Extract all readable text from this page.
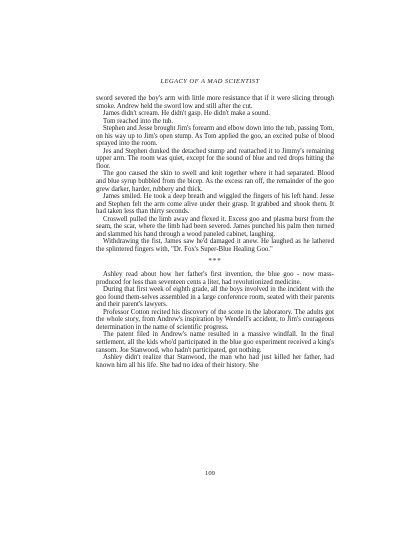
LEGACY OF A MAD SCIENTIST

sword severed the boy's arm with little more resistance that if it were slicing through smoke. Andrew held the sword low and still after the cut.

James didn't scream. He didn't gasp. He didn't make a sound.

Tom reached into the tub.

Stephen and Jesse brought Jim's forearm and elbow down into the tub, passing Tom, on his way up to Jim's open stump. As Tom applied the goo, an excited pulse of blood sprayed into the room.

Jes and Stephen dunked the detached stump and reattached it to Jimmy's remaining upper arm. The room was quiet, except for the sound of blue and red drops hitting the floor.

The goo caused the skin to swell and knit together where it had separated. Blood and blue syrup bubbled from the bicep. As the excess ran off, the remainder of the goo grew darker, harder, rubbery and thick.

James smiled. He took a deep breath and wiggled the fingers of his left hand. Jesse and Stephen felt the arm come alive under their grasp. It grabbed and shook them. It had taken less than thirty seconds.

Croswell pulled the limb away and flexed it. Excess goo and plasma burst from the seam, the scar, where the limb had been severed. James punched his palm then turned and slammed his hand through a wood paneled cabinet, laughing.

Withdrawing the fist, James saw he'd damaged it anew. He laughed as he lathered the splintered fingers with, "Dr. Fox's Super-Blue Healing Goo."

***

Ashley read about how her father's first invention, the blue goo - now mass-produced for less than seventeen cents a liter, had revolutionized medicine.

During that first week of eighth grade, all the boys involved in the incident with the goo found them-selves assembled in a large conference room, seated with their parents and their parent's lawyers.

Professor Cotton recited his discovery of the scene in the laboratory. The adults got the whole story, from Andrew's inspiration by Wendell's accident, to Jim's courageous determination in the name of scientific progress.

The patent filed in Andrew's name resulted in a massive windfall. In the final settlement, all the kids who'd participated in the blue goo experiment received a king's ransom. Joe Stanwood, who hadn't participated, got nothing.

Ashley didn't realize that Stanwood, the man who had just killed her father, had known him all his life. She had no idea of their history. She

109
